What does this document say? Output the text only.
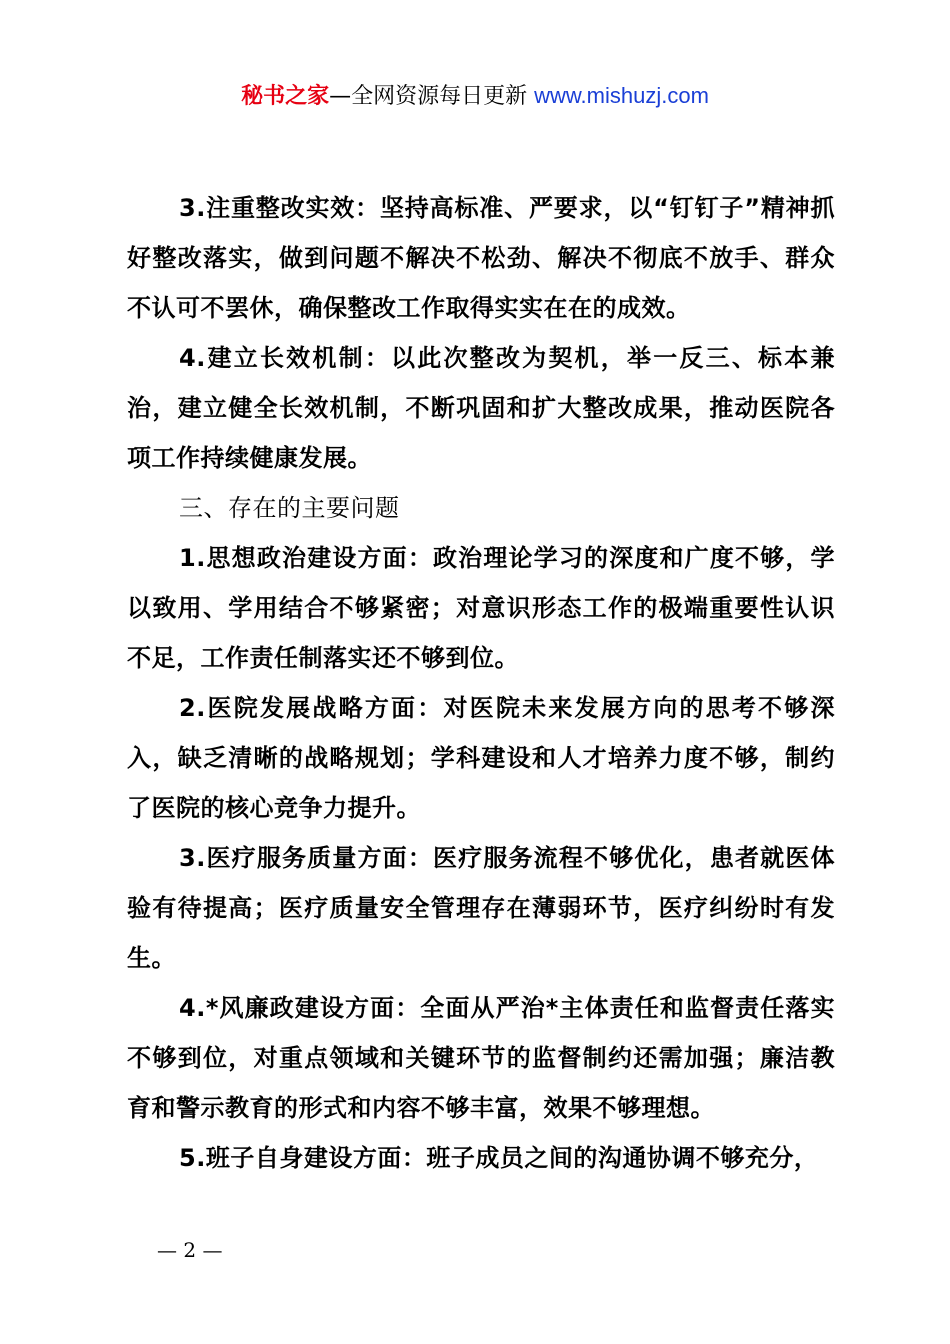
秘书之家—全网资源每日更新 www.mishuzj.com

3.注重整改实效：坚持高标准、严要求，以“钉钉子”精神抓好整改落实，做到问题不解决不松劲、解决不彻底不放手、群众不认可不罢休，确保整改工作取得实实在在的成效。

4.建立长效机制：以此次整改为契机，举一反三、标本兼治，建立健全长效机制，不断巩固和扩大整改成果，推动医院各项工作持续健康发展。

三、存在的主要问题

1.思想政治建设方面：政治理论学习的深度和广度不够，学以致用、学用结合不够紧密；对意识形态工作的极端重要性认识不足，工作责任制落实还不够到位。

2.医院发展战略方面：对医院未来发展方向的思考不够深入，缺乏清晰的战略规划；学科建设和人才培养力度不够，制约了医院的核心竞争力提升。

3.医疗服务质量方面：医疗服务流程不够优化，患者就医体验有待提高；医疗质量安全管理存在薄弱环节，医疗纠纷时有发生。

4.*风廉政建设方面：全面从严治*主体责任和监督责任落实不够到位，对重点领域和关键环节的监督制约还需加强；廉洁教育和警示教育的形式和内容不够丰富，效果不够理想。

5.班子自身建设方面：班子成员之间的沟通协调不够充分，

— 2 —
